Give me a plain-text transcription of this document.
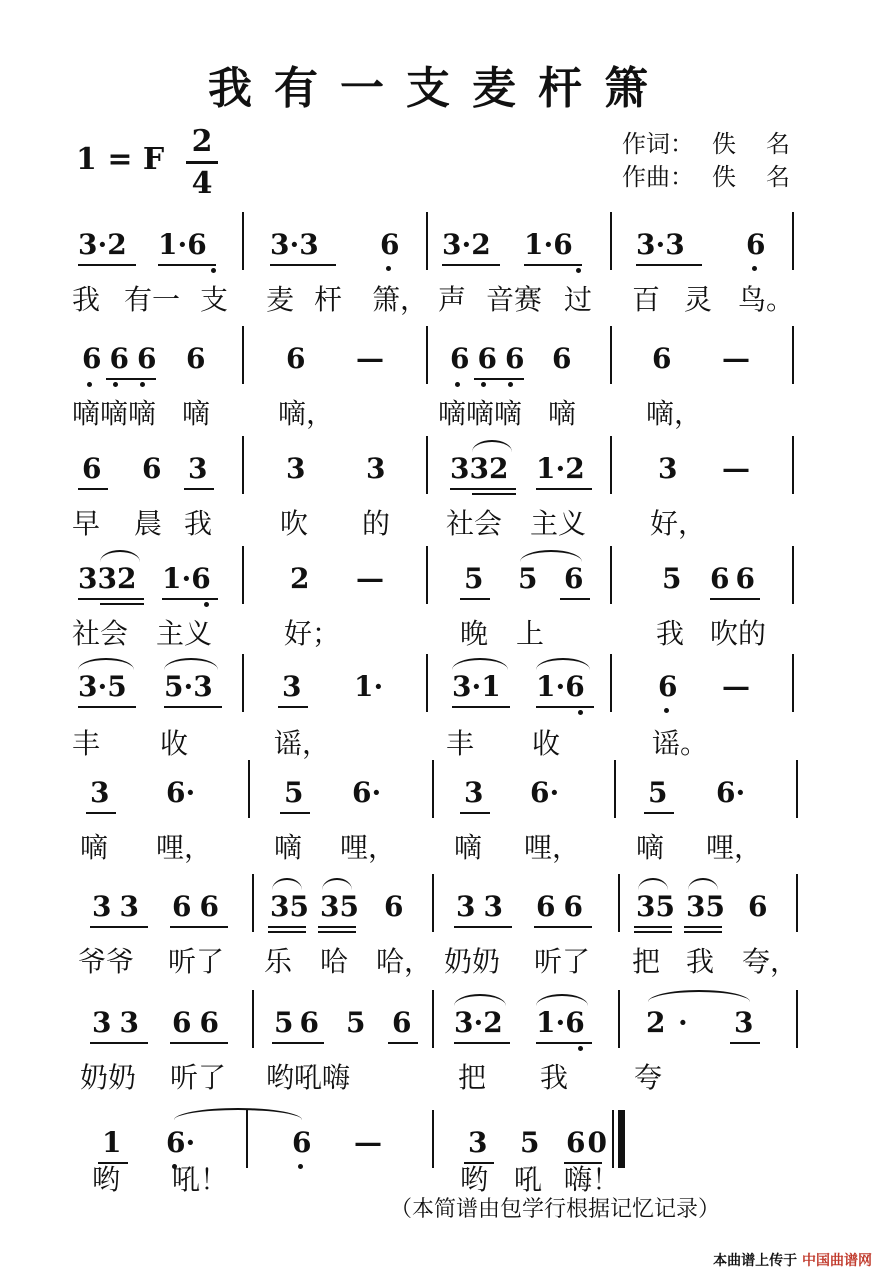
我有一支麦杆箫
1 = F
2
4
作词： 佚名
作曲： 佚名
3·2 1·6 3·3 6 3·2 1·6 3·3 6
我 有一 支 麦 杆 箫， 声 音赛 过 百 灵 鸟。
666 6	6 — 666 6	6 —
嘀嘀嘀 嘀 嘀，	嘀嘀嘀 嘀 嘀，
6 6 3	3 3 332 1·2	3 —
早 晨 我 吹 的 社会 主义 好，
332 1·6	2 —	5 5 6	5 66
社会 主义	好；	晚 上	我 吹的
3·5 5·3 3 1· 3·1 1·6	6 —
丰 收	谣，	丰 收	谣。
3 6·	5 6·	3 6·	5 6·
嘀 哩， 嘀 哩， 嘀 哩， 嘀 哩，
33 66 35 35 6 33 66 35 35 6
爷爷 听了 乐 哈 哈， 奶奶 听了 把 我 夸，
33 66 56 5 6 3·2 1·6 2 · 3
奶奶 听了 哟吼嗨	把 我 夸
1 6·	6 —	3 5 60
哟 吼！	哟 吼 嗨！
（本简谱由包学行根据记忆记录）
本曲谱上传于 中国曲谱网
